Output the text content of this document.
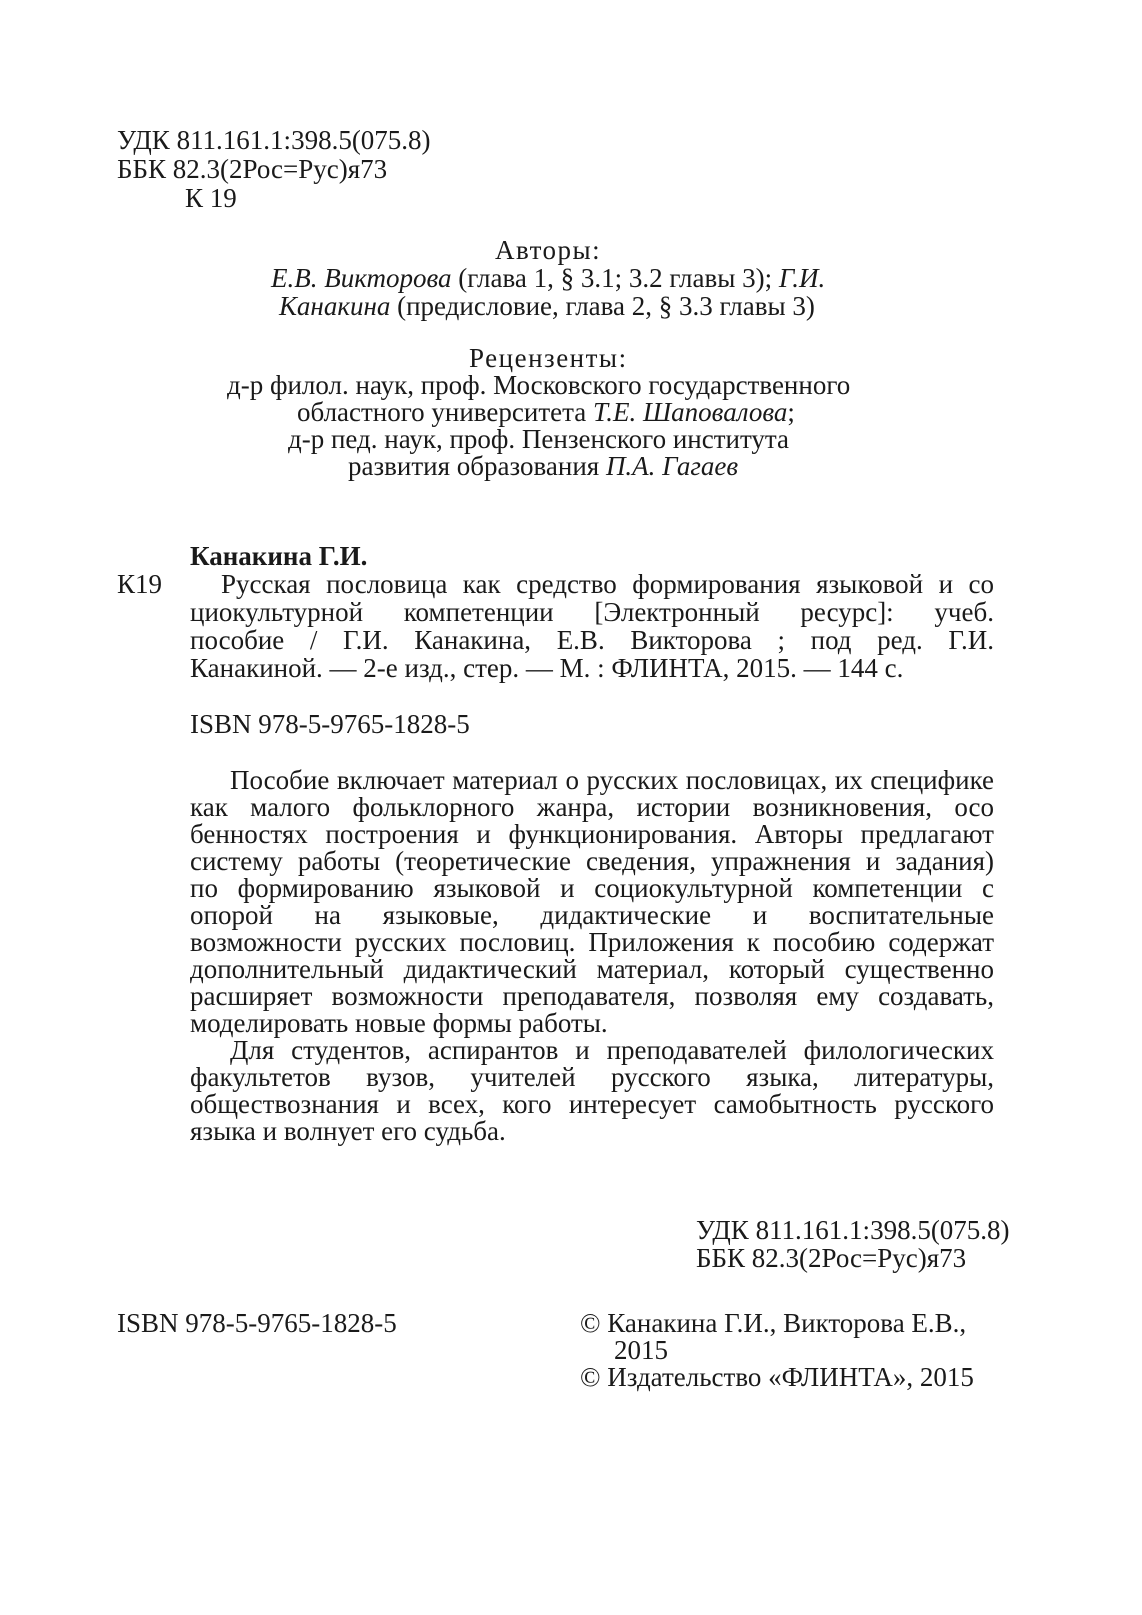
УДК 811.161.1:398.5(075.8)
ББК 82.3(2Рос=Рус)я73
К 19
Авторы:
Е.В. Викторова (глава 1, § 3.1; 3.2 главы 3); Г.И.
Канакина (предисловие, глава 2, § 3.3 главы 3)
Рецензенты:
д-р филол. наук, проф. Московского государственного
областного университета Т.Е. Шаповалова;
д-р пед. наук, проф. Пензенского института
развития образования П.А. Гагаев
Канакина Г.И.
К19 Русская пословица как средство формирования языковой и со
циокультурной компетенции [Электронный ресурс]: учеб.
пособие / Г.И. Канакина, Е.В. Викторова ; под ред. Г.И.
Канакиной. — 2-е изд., стер. — М. : ФЛИНТА, 2015. — 144 с.
ISBN 978-5-9765-1828-5
Пособие включает материал о русских пословицах, их специфике
как малого фольклорного жанра, истории возникновения, осо
бенностях построения и функционирования. Авторы предлагают
систему работы (теоретические сведения, упражнения и задания)
по формированию языковой и социокультурной компетенции с
опорой на языковые, дидактические и воспитательные
возможности русских пословиц. Приложения к пособию содержат
дополнительный дидактический материал, который существенно
расширяет возможности преподавателя, позволяя ему создавать,
моделировать новые формы работы.
Для студентов, аспирантов и преподавателей филологических
факультетов вузов, учителей русского языка, литературы,
обществознания и всех, кого интересует самобытность русского
языка и волнует его судьба.
УДК 811.161.1:398.5(075.8)
ББК 82.3(2Рос=Рус)я73
ISBN 978-5-9765-1828-5	© Канакина Г.И., Викторова Е.В.,
2015
© Издательство «ФЛИНТА», 2015
